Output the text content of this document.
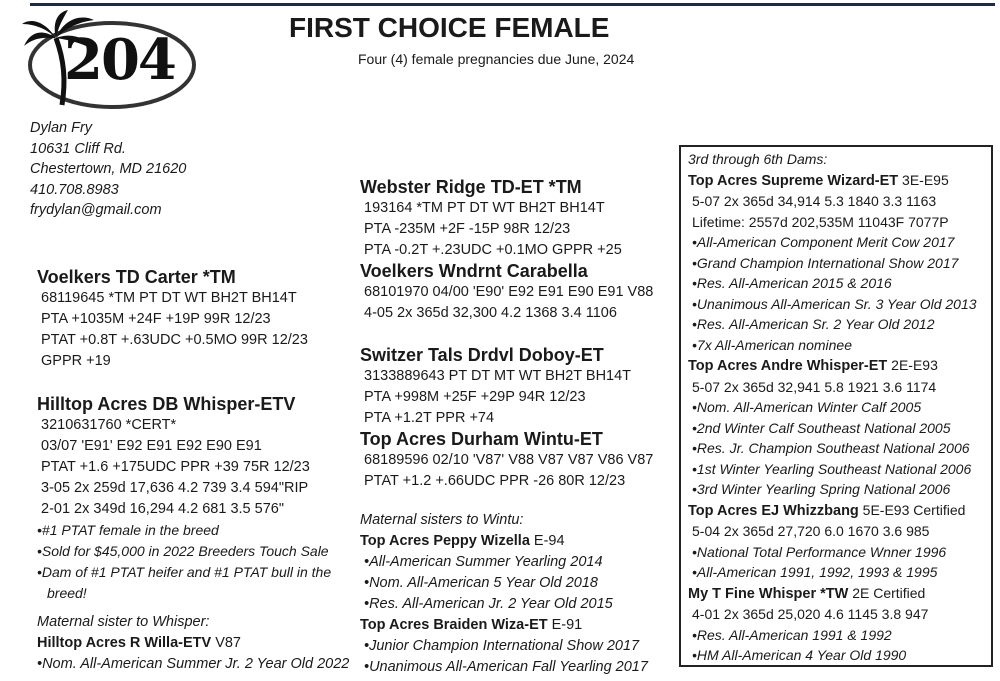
204	FIRST CHOICE FEMALE
Four (4) female pregnancies due June, 2024
Dylan Fry
10631 Cliff Rd.
Chestertown, MD 21620
410.708.8983
frydylan@gmail.com
Voelkers TD Carter *TM
68119645 *TM PT DT WT BH2T BH14T
PTA +1035M +24F +19P 99R 12/23
PTAT +0.8T +.63UDC +0.5MO 99R 12/23
GPPR +19
Hilltop Acres DB Whisper-ETV
3210631760 *CERT*
03/07 'E91' E92 E91 E92 E90 E91
PTAT +1.6 +175UDC PPR +39 75R 12/23
3-05 2x 259d 17,636 4.2 739 3.4 594"RIP
2-01 2x 349d 16,294 4.2 681 3.5 576"
•#1 PTAT female in the breed
•Sold for $45,000 in 2022 Breeders Touch Sale
•Dam of #1 PTAT heifer and #1 PTAT bull in the breed!
Maternal sister to Whisper:
Hilltop Acres R Willa-ETV V87
•Nom. All-American Summer Jr. 2 Year Old 2022
Webster Ridge TD-ET *TM
193164 *TM PT DT WT BH2T BH14T
PTA -235M +2F -15P 98R 12/23
PTA -0.2T +.23UDC +0.1MO GPPR +25
Voelkers Wndrnt Carabella
68101970 04/00 'E90' E92 E91 E90 E91 V88
4-05 2x 365d 32,300 4.2 1368 3.4 1106
Switzer Tals Drdvl Doboy-ET
3133889643 PT DT MT WT BH2T BH14T
PTA +998M +25F +29P 94R 12/23
PTA +1.2T PPR +74
Top Acres Durham Wintu-ET
68189596 02/10 'V87' V88 V87 V87 V86 V87
PTAT +1.2 +.66UDC PPR -26 80R 12/23
Maternal sisters to Wintu:
Top Acres Peppy Wizella E-94
•All-American Summer Yearling 2014
•Nom. All-American 5 Year Old 2018
•Res. All-American Jr. 2 Year Old 2015
Top Acres Braiden Wiza-ET E-91
•Junior Champion International Show 2017
•Unanimous All-American Fall Yearling 2017
3rd through 6th Dams:
Top Acres Supreme Wizard-ET 3E-E95
5-07 2x 365d 34,914 5.3 1840 3.3 1163
Lifetime: 2557d 202,535M 11043F 7077P
•All-American Component Merit Cow 2017
•Grand Champion International Show 2017
•Res. All-American 2015 & 2016
•Unanimous All-American Sr. 3 Year Old 2013
•Res. All-American Sr. 2 Year Old 2012
•7x All-American nominee
Top Acres Andre Whisper-ET 2E-E93
5-07 2x 365d 32,941 5.8 1921 3.6 1174
•Nom. All-American Winter Calf 2005
•2nd Winter Calf Southeast National 2005
•Res. Jr. Champion Southeast National 2006
•1st Winter Yearling Southeast National 2006
•3rd Winter Yearling Spring National 2006
Top Acres EJ Whizzbang 5E-E93 Certified
5-04 2x 365d 27,720 6.0 1670 3.6 985
•National Total Performance Wnner 1996
•All-American 1991, 1992, 1993 & 1995
My T Fine Whisper *TW 2E Certified
4-01 2x 365d 25,020 4.6 1145 3.8 947
•Res. All-American 1991 & 1992
•HM All-American 4 Year Old 1990
